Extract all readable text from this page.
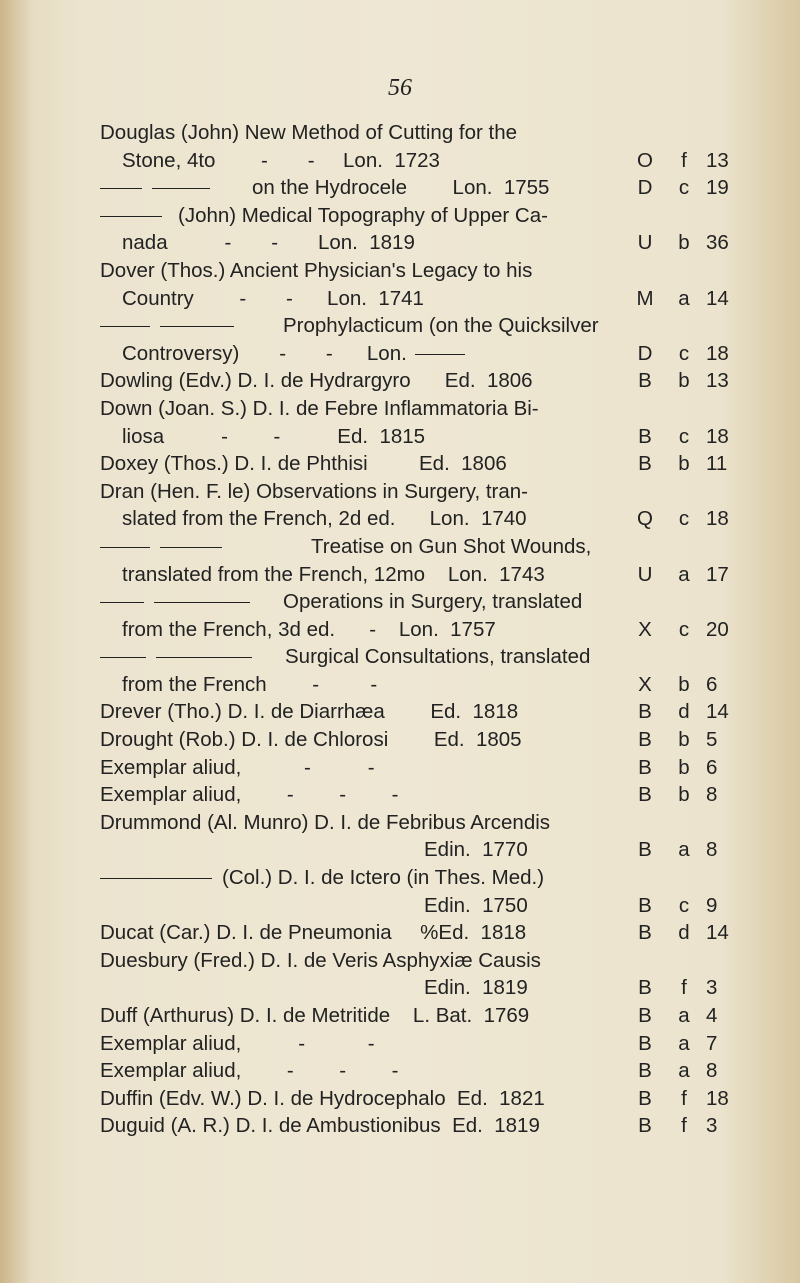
56
Douglas (John) New Method of Cutting for the
Stone, 4to        -       -     Lon.  1723	O	f 13
on the Hydrocele        Lon.  1755	D c 19
(John) Medical Topography of Upper Ca-
nada          -       -       Lon.  1819	U b 36
Dover (Thos.) Ancient Physician's Legacy to his
Country        -       -      Lon.  1741	M a 14
Prophylacticum (on the Quicksilver
Controversy)       -       -      Lon.	D c 18
Dowling (Edv.) D. I. de Hydrargyro      Ed.  1806	B b 13
Down (Joan. S.) D. I. de Febre Inflammatoria Bi-
liosa          -        -          Ed.  1815	B c 18
Doxey (Thos.) D. I. de Phthisi         Ed.  1806	B b 11
Dran (Hen. F. le) Observations in Surgery, tran-
slated from the French, 2d ed.      Lon.  1740	Q c 18
Treatise on Gun Shot Wounds,
translated from the French, 12mo    Lon.  1743	U a 17
Operations in Surgery, translated
from the French, 3d ed.      -    Lon.  1757	X c 20
Surgical Consultations, translated
from the French        -         -	X b 6
Drever (Tho.) D. I. de Diarrhæa        Ed.  1818	B d 14
Drought (Rob.) D. I. de Chlorosi        Ed.  1805	B b 5
Exemplar aliud,           -          -	B b 6
Exemplar aliud,        -        -        -	B b 8
Drummond (Al. Munro) D. I. de Febribus Arcendis
Edin.  1770	B a 8
(Col.) D. I. de Ictero (in Thes. Med.)
Edin.  1750	B c 9
Ducat (Car.) D. I. de Pneumonia     %Ed.  1818	B d 14
Duesbury (Fred.) D. I. de Veris Asphyxiæ Causis
Edin.  1819	B	f 3
Duff (Arthurus) D. I. de Metritide    L. Bat.  1769	B a 4
Exemplar aliud,          -           -	B a 7
Exemplar aliud,        -        -        -	B a 8
Duffin (Edv. W.) D. I. de Hydrocephalo  Ed.  1821	B	f 18
Duguid (A. R.) D. I. de Ambustionibus  Ed.  1819	B	f 3
